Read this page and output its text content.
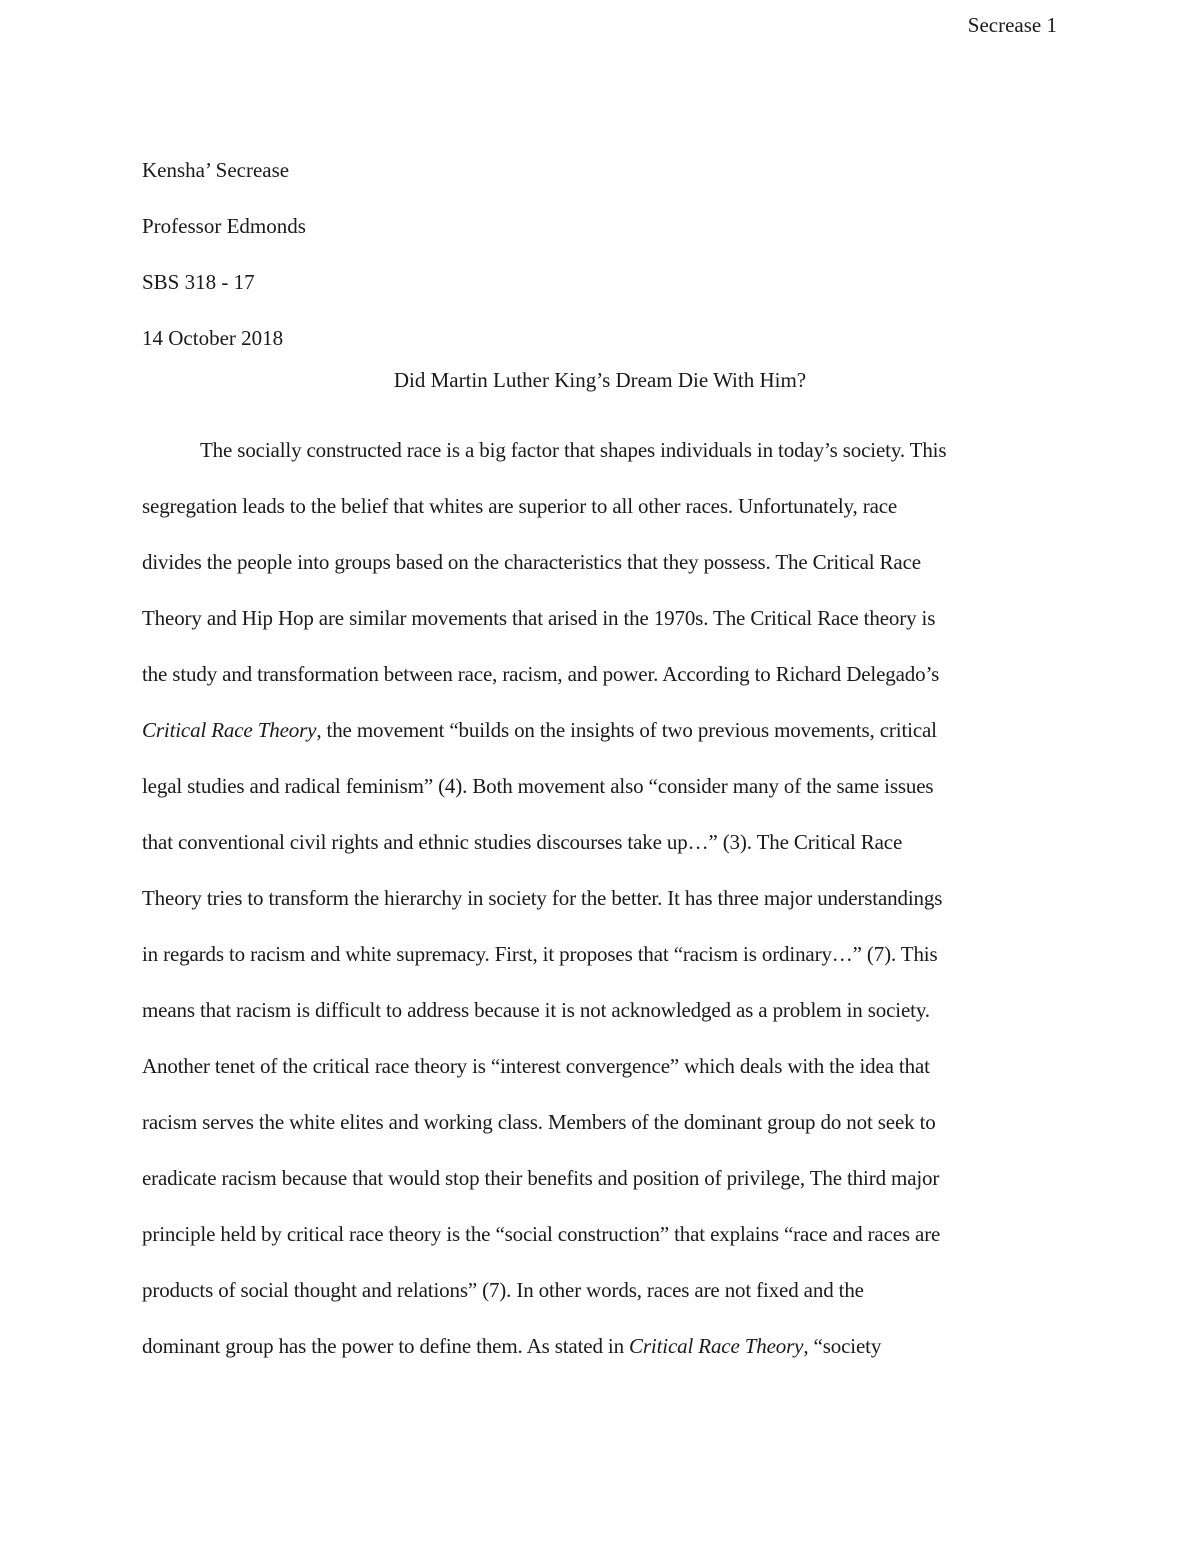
Secrease 1
Kensha’ Secrease
Professor Edmonds
SBS 318 - 17
14 October 2018
Did Martin Luther King’s Dream Die With Him?
The socially constructed race is a big factor that shapes individuals in today’s society. This
segregation leads to the belief that whites are superior to all other races. Unfortunately, race
divides the people into groups based on the characteristics that they possess. The Critical Race
Theory and Hip Hop are similar movements that arised in the 1970s. The Critical Race theory is
the study and transformation between race, racism, and power. According to Richard Delegado’s
Critical Race Theory, the movement “builds on the insights of two previous movements, critical
legal studies and radical feminism” (4). Both movement also “consider many of the same issues
that conventional civil rights and ethnic studies discourses take up…” (3). The Critical Race
Theory tries to transform the hierarchy in society for the better. It has three major understandings
in regards to racism and white supremacy. First, it proposes that “racism is ordinary…” (7). This
means that racism is difficult to address because it is not acknowledged as a problem in society.
Another tenet of the critical race theory is “interest convergence” which deals with the idea that
racism serves the white elites and working class. Members of the dominant group do not seek to
eradicate racism because that would stop their benefits and position of privilege, The third major
principle held by critical race theory is the “social construction” that explains “race and races are
products of social thought and relations” (7). In other words, races are not fixed and the
dominant group has the power to define them. As stated in Critical Race Theory, “society
